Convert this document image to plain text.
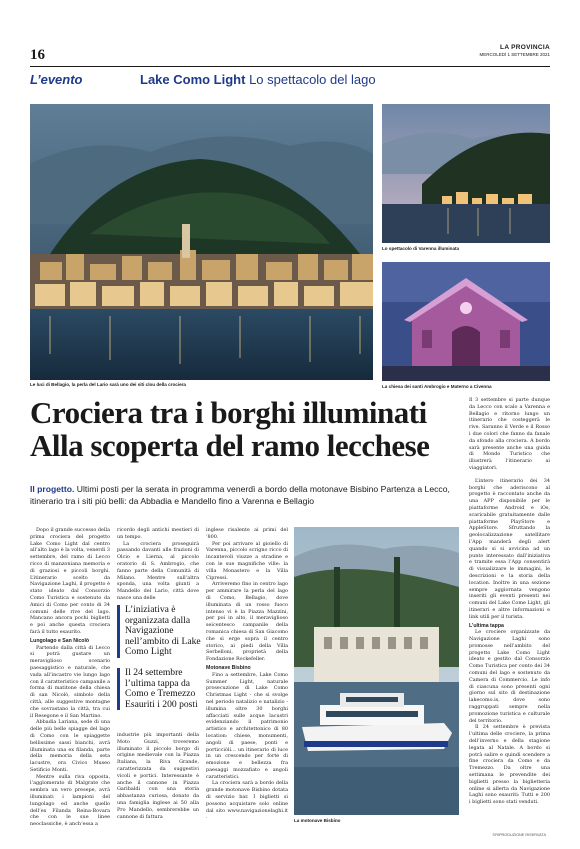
16	LA PROVINCIA
MERCOLEDÌ 1 SETTEMBRE 2021
L’evento	Lake Como Light Lo spettacolo del lago
Le luci di Bellagio, la perla del Lario sarà uno dei siti clou della crociera
Lo spettacolo di Varenna illuminata
La chiesa dei santi Ambrogio e Materno a Civenna
Crociera tra i borghi illuminati
Alla scoperta del ramo lecchese
Il progetto. Ultimi posti per la serata in programma venerdì a bordo della motonave Bisbino Partenza a Lecco, itinerario tra i siti più belli: da Abbadia e Mandello fino a Varenna e Bellagio

Dopo il grande successo della prima crociera del progetto Lake Como Light dal centro all’alto lago è la volta, venerdì 3 settembre, del ramo di Lecco ricco di manzoniana memoria e di graziosi e piccoli borghi. L’itinerario scelto da Navigazione Laghi, il progetto è stato ideato dal Consorzio Como Turistica e sostenuto da Amici di Como per conto di 34 comuni delle rive del lago. Mancano ancora pochi biglietti e poi anche questa crociera farà il tutto esaurito.

Lungolago e San Nicolò

Partendo dalla città di Lecco si potrà gustare un meraviglioso scenario paesaggistico e naturale, che vada all’incastro vie lungo lago con il caratteristico campanile a forma di matitone della chiesa di san Nicolò, simbolo della città, alle suggestive montagne che sovrastano la città, tra cui il Resegone e il San Martino.

Abbadia Lariana, sede di una delle più belle spiagge del lago di Como con le spiaggette bellissime sassi bianchi, avrà illuminata una ex filanda, parte della memoria della seta lacustre, ora Civico Museo Setificio Monti.

Mentre sulla riva opposta, l’agglomerato di Malgrate che sembra un vero presepe, avrà illuminati i lampioni del lungolago ed anche quello dell’ex Filanda Reina-Bovara che con le sue linee neoclassiche, è anch’essa a

ricordo degli antichi mestieri di un tempo.

La crociera proseguirà passando davanti alle frazioni di Olcio e Lierna, al piccolo oratorio di S. Ambrogio, che fanno parte della Comunità di Milano. Mentre sull’altra sponda, una volta giunti a Mandello del Lario, città dove nasce una delle

L’iniziativa è organizzata dalla Navigazione nell’ambito di Lake Como Light
Il 24 settembre l’ultima tappa da Como e Tremezzo Esauriti i 200 posti

industrie più importanti della Moto Guzzi, troveremo illuminato il piccolo borgo di origine medievale con la Piazza Italiana, la Riva Grande, caratterizzata da suggestivi vicoli e portici. Interessante è anche il cannone in Piazza Garibaldi con una storia abbastanza curiosa, donato da una famiglia inglese ai 50 alla Pro Mandello, sembrerebbe un cannone di fattura

inglese risalente ai primi del ’800.

Per poi arrivare al gioiello di Varenna, piccolo scrigno ricco di incantevoli viuzze a stradine e con le sue magnifiche ville: la villa Monastero e la Villa Cipressi.

Arriveremo fino in centro lago per ammirare la perla del lago di Como, Bellagio, dove illuminata di un rosso fuoco intenso vi è la Piazza Mazzini, per poi in alto, il meraviglioso seicentesco campanile della romanica chiesa di San Giacomo che si erge sopra il centro storico, ai piedi della Villa Serbelloni, proprietà della Fondazione Rockefeller.

Motonave Bisbino

Fino a settembre, Lake Como Summer Light, naturale prosecuzione di Lake Como Christmas Light - che si svolge nel periodo natalizio e natalizio - illumina oltre 30 borghi affacciati sulle acque lacustri evidenziando il patrimonio artistico e architettonico di 80 location: chiese, monumenti, angoli di paese, ponti e porticciòli… un itinerario di luce in un crescendo per forte di emozione e bellezza fra paesaggi mozzafiato e angoli caratteristici.

La crociera sarà a bordo della grande motonave Bisbino dotata di servizio bar. I biglietti si possono acquistare solo online dal sito www.navigazionelaghi.it .

La motonave Bisbino

Il 3 settembre si parte dunque da Lecco con scalo a Varenna e Bellagio e ritorno lungo un itinerario che costeggerà le rive. Saranno il Verde e il Rosso i due colori che fanno da fanale da sfondo alla crociera. A bordo sarà presente anche una guida di Mondo Turistico che illustrerà l’itinerario ai viaggiatori.

L’intero itinerario dei 34 borghi che aderiscono al progetto è raccontato anche da una APP disponibile per le piattaforme Android e iOs, scaricabile gratuitamente dalle piattaforme PlayStore e AppleStore. Sfruttando la geolocalizzazione satellitare l’App manderà degli alert quando si si avvicina ad un punto interessato dall’iniziativa e tramite essa l’App consentirà di visualizzare le immagini, le descrizioni e la storia della location. Inoltre in una sezione sempre aggiornata vengono inseriti gli eventi presenti nei comuni del Lake Come Light, gli itinerari e altre informazioni e link utili per il turista.

L’ultima tappa

Le crociere organizzate da Navigazione Laghi sono promosse nell’ambito del progetto Lake Como Light ideato e gestito dal Consorzio Como Turistica per conto dei 34 comuni del lago e sostenuto da Camera di Commercio. Le info di ciascuna sono presenti ogni giorno sul sito di destinazione lakecomo.is, dove sono raggruppati sempre nella promozione turistica e culturale del territorio.

Il 24 settembre è prevista l’ultima delle crociere, la prima dell’inverno e della stagione legata al Natale. A bordo si potrà salire e quindi scendere a fine crociera da Como e da Tremezzo. Da oltre una settimana le prevendite dei biglietti presso la biglietteria online si allerta da Navigazione Laghi sono esauriti: Tutti e 200 i biglietti sono stati venduti.

©RIPRODUZIONE RISERVATA
